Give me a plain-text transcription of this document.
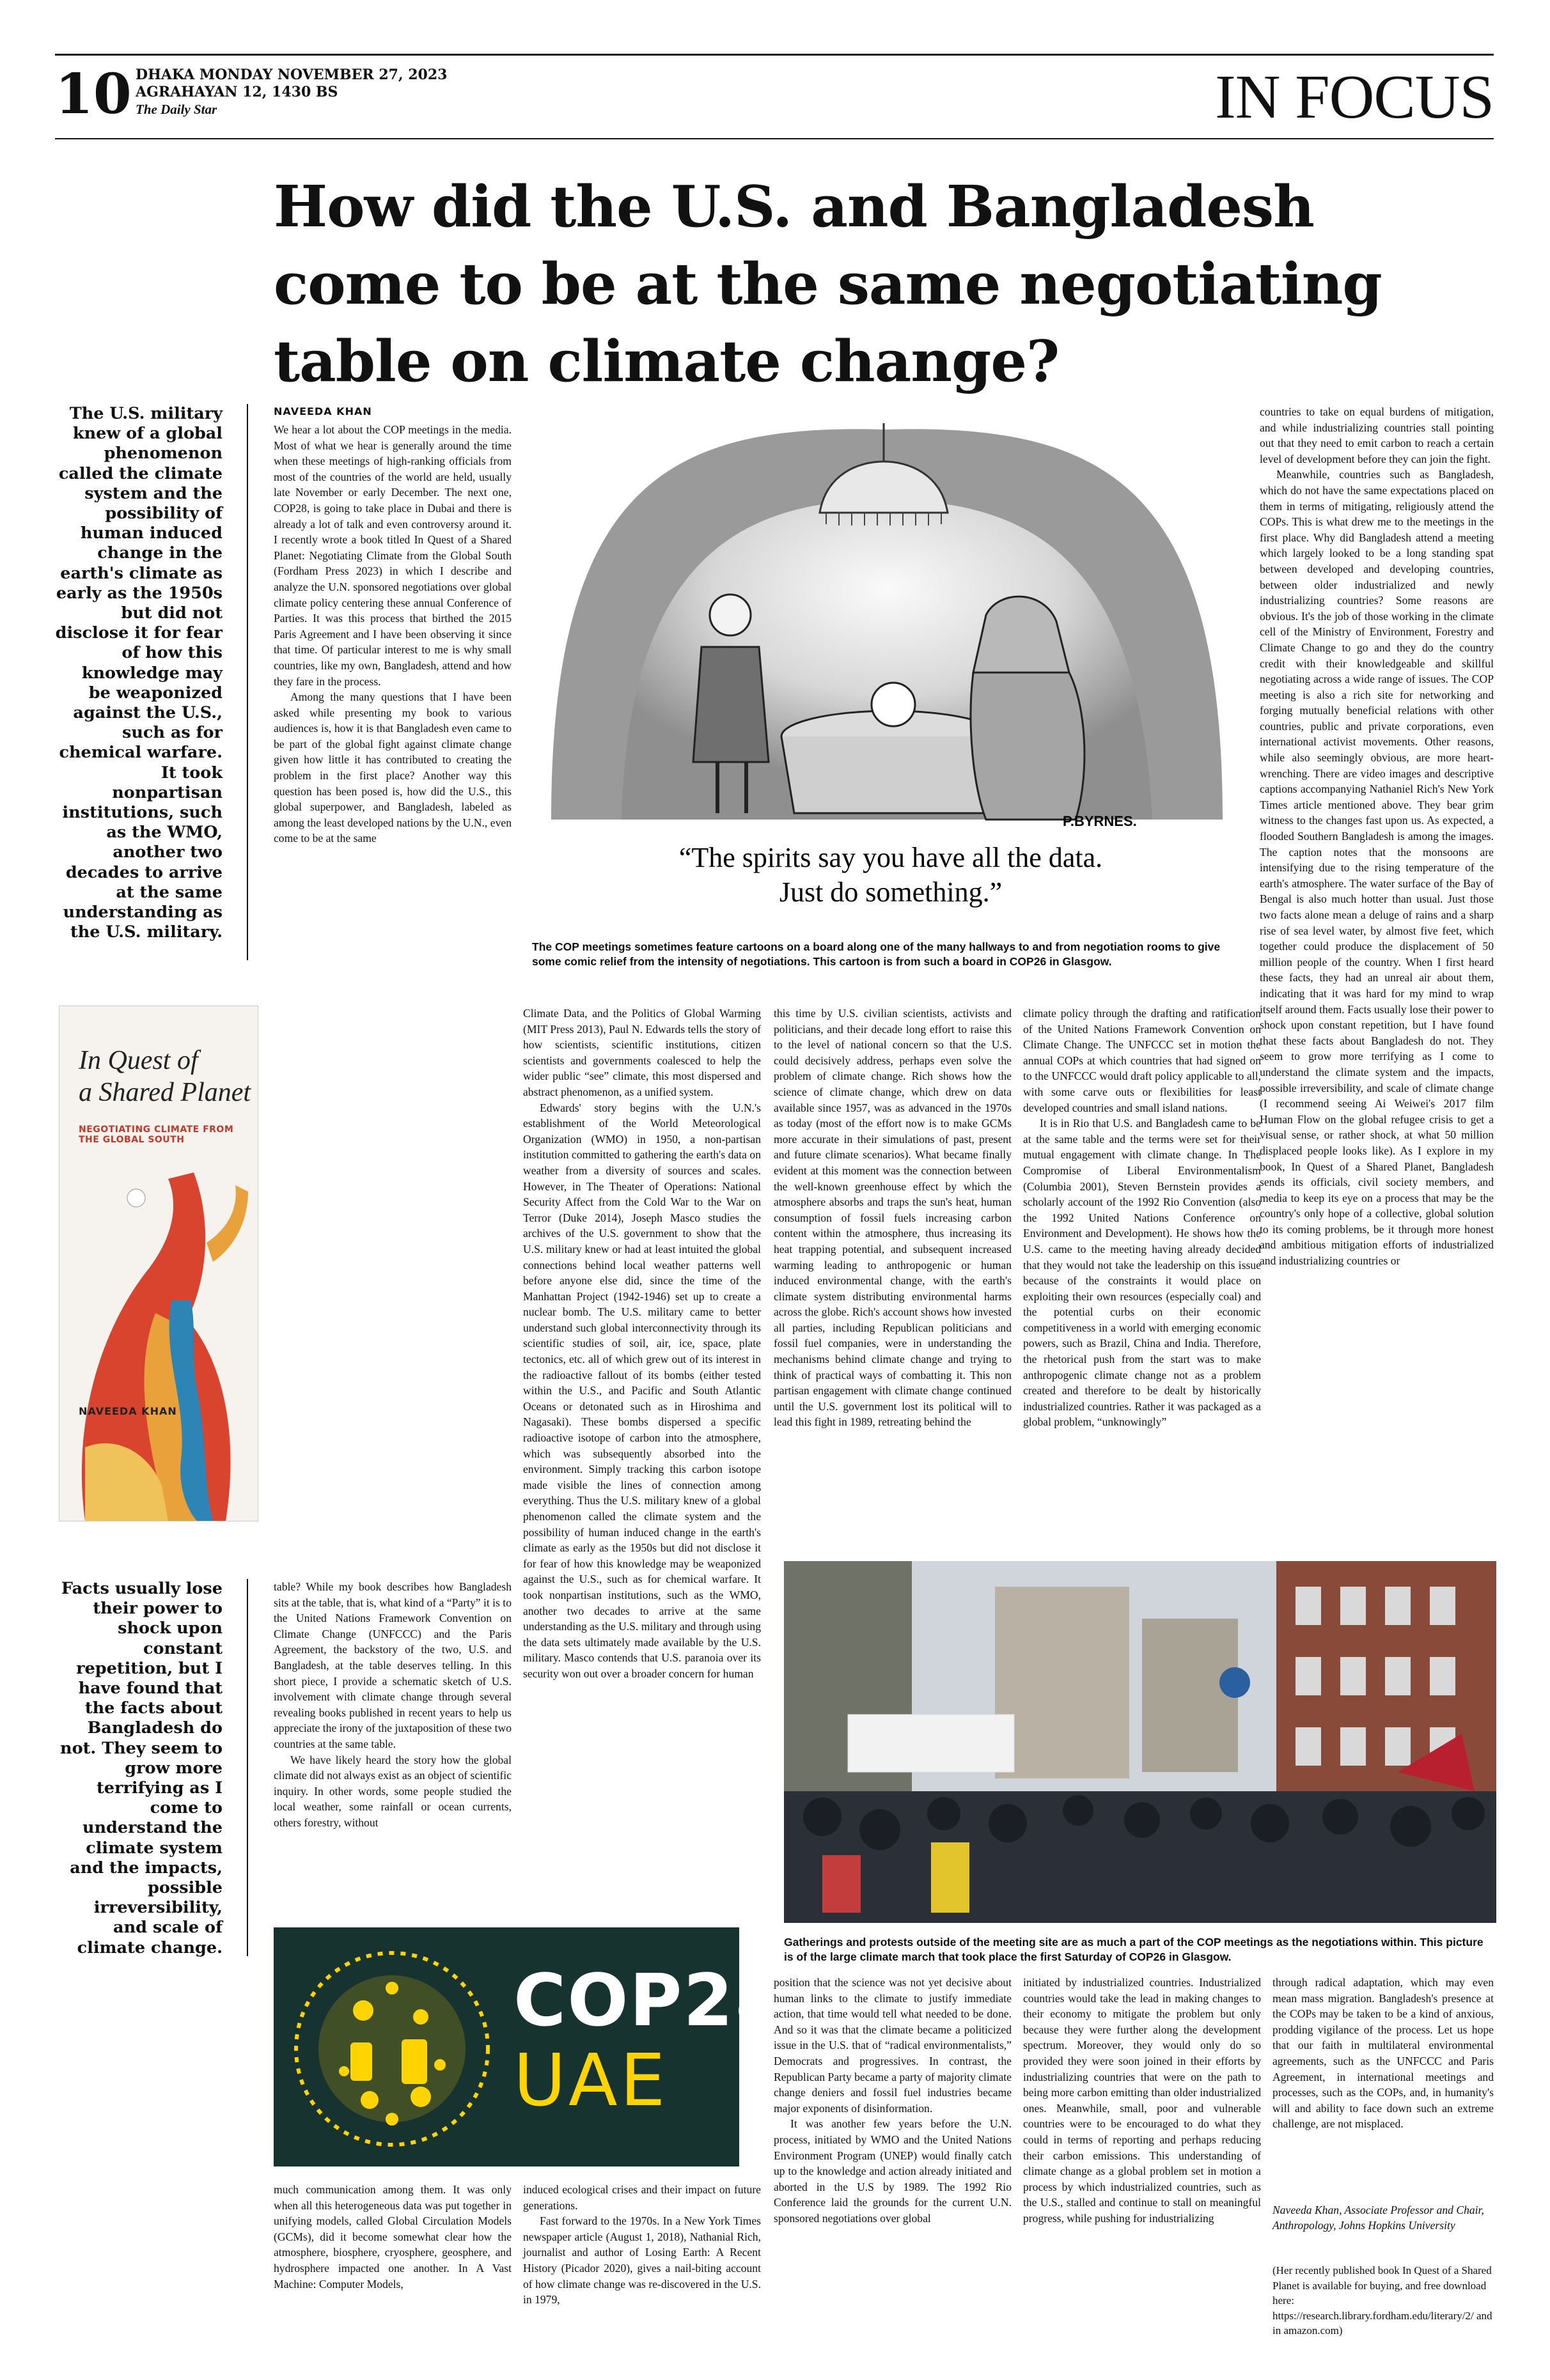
10 DHAKA MONDAY NOVEMBER 27, 2023
AGRAHAYAN 12, 1430 BS
The Daily Star	IN FOCUS
How did the U.S. and Bangladesh
come to be at the same negotiating
table on climate change?
The U.S. military knew of a global phenomenon called the climate system and the possibility of human induced change in the earth's climate as early as the 1950s but did not disclose it for fear of how this knowledge may be weaponized against the U.S., such as for chemical warfare. It took nonpartisan institutions, such as the WMO, another two decades to arrive at the same understanding as the U.S. military.
Facts usually lose their power to shock upon constant repetition, but I have found that the facts about Bangladesh do not. They seem to grow more terrifying as I come to understand the climate system and the impacts, possible irreversibility, and scale of climate change.
NAVEEDA KHAN

We hear a lot about the COP meetings in the media. Most of what we hear is generally around the time when these meetings of high-ranking officials from most of the countries of the world are held, usually late November or early December. The next one, COP28, is going to take place in Dubai and there is already a lot of talk and even controversy around it. I recently wrote a book titled In Quest of a Shared Planet: Negotiating Climate from the Global South (Fordham Press 2023) in which I describe and analyze the U.N. sponsored negotiations over global climate policy centering these annual Conference of Parties. It was this process that birthed the 2015 Paris Agreement and I have been observing it since that time. Of particular interest to me is why small countries, like my own, Bangladesh, attend and how they fare in the process.

Among the many questions that I have been asked while presenting my book to various audiences is, how it is that Bangladesh even came to be part of the global fight against climate change given how little it has contributed to creating the problem in the first place? Another way this question has been posed is, how did the U.S., this global superpower, and Bangladesh, labeled as among the least developed nations by the U.N., even come to be at the same

P.BYRNES.
“The spirits say you have all the data.
Just do something.”
The COP meetings sometimes feature cartoons on a board along one of the many hallways to and from negotiation rooms to give some comic relief from the intensity of negotiations. This cartoon is from such a board in COP26 in Glasgow.
In Quest of
a Shared Planet
NEGOTIATING CLIMATE FROM THE GLOBAL SOUTH
NAVEEDA KHAN

table? While my book describes how Bangladesh sits at the table, that is, what kind of a “Party” it is to the United Nations Framework Convention on Climate Change (UNFCCC) and the Paris Agreement, the backstory of the two, U.S. and Bangladesh, at the table deserves telling. In this short piece, I provide a schematic sketch of U.S. involvement with climate change through several revealing books published in recent years to help us appreciate the irony of the juxtaposition of these two countries at the same table.

We have likely heard the story how the global climate did not always exist as an object of scientific inquiry. In other words, some people studied the local weather, some rainfall or ocean currents, others forestry, without

COP28
UAE

much communication among them. It was only when all this heterogeneous data was put together in unifying models, called Global Circulation Models (GCMs), did it become somewhat clear how the atmosphere, biosphere, cryosphere, geosphere, and hydrosphere impacted one another. In A Vast Machine: Computer Models,

Climate Data, and the Politics of Global Warming (MIT Press 2013), Paul N. Edwards tells the story of how scientists, scientific institutions, citizen scientists and governments coalesced to help the wider public “see” climate, this most dispersed and abstract phenomenon, as a unified system.

Edwards' story begins with the U.N.'s establishment of the World Meteorological Organization (WMO) in 1950, a non-partisan institution committed to gathering the earth's data on weather from a diversity of sources and scales. However, in The Theater of Operations: National Security Affect from the Cold War to the War on Terror (Duke 2014), Joseph Masco studies the archives of the U.S. government to show that the U.S. military knew or had at least intuited the global connections behind local weather patterns well before anyone else did, since the time of the Manhattan Project (1942-1946) set up to create a nuclear bomb. The U.S. military came to better understand such global interconnectivity through its scientific studies of soil, air, ice, space, plate tectonics, etc. all of which grew out of its interest in the radioactive fallout of its bombs (either tested within the U.S., and Pacific and South Atlantic Oceans or detonated such as in Hiroshima and Nagasaki). These bombs dispersed a specific radioactive isotope of carbon into the atmosphere, which was subsequently absorbed into the environment. Simply tracking this carbon isotope made visible the lines of connection among everything. Thus the U.S. military knew of a global phenomenon called the climate system and the possibility of human induced change in the earth's climate as early as the 1950s but did not disclose it for fear of how this knowledge may be weaponized against the U.S., such as for chemical warfare. It took nonpartisan institutions, such as the WMO, another two decades to arrive at the same understanding as the U.S. military and through using the data sets ultimately made available by the U.S. military. Masco contends that U.S. paranoia over its security won out over a broader concern for human

induced ecological crises and their impact on future generations.

Fast forward to the 1970s. In a New York Times newspaper article (August 1, 2018), Nathanial Rich, journalist and author of Losing Earth: A Recent History (Picador 2020), gives a nail-biting account of how climate change was re-discovered in the U.S. in 1979,

this time by U.S. civilian scientists, activists and politicians, and their decade long effort to raise this to the level of national concern so that the U.S. could decisively address, perhaps even solve the problem of climate change. Rich shows how the science of climate change, which drew on data available since 1957, was as advanced in the 1970s as today (most of the effort now is to make GCMs more accurate in their simulations of past, present and future climate scenarios). What became finally evident at this moment was the connection between the well-known greenhouse effect by which the atmosphere absorbs and traps the sun's heat, human consumption of fossil fuels increasing carbon content within the atmosphere, thus increasing its heat trapping potential, and subsequent increased warming leading to anthropogenic or human induced environmental change, with the earth's climate system distributing environmental harms across the globe. Rich's account shows how invested all parties, including Republican politicians and fossil fuel companies, were in understanding the mechanisms behind climate change and trying to think of practical ways of combatting it. This non partisan engagement with climate change continued until the U.S. government lost its political will to lead this fight in 1989, retreating behind the

position that the science was not yet decisive about human links to the climate to justify immediate action, that time would tell what needed to be done. And so it was that the climate became a politicized issue in the U.S. that of “radical environmentalists,” Democrats and progressives. In contrast, the Republican Party became a party of majority climate change deniers and fossil fuel industries became major exponents of disinformation.

It was another few years before the U.N. process, initiated by WMO and the United Nations Environment Program (UNEP) would finally catch up to the knowledge and action already initiated and aborted in the U.S by 1989. The 1992 Rio Conference laid the grounds for the current U.N. sponsored negotiations over global

climate policy through the drafting and ratification of the United Nations Framework Convention on Climate Change. The UNFCCC set in motion the annual COPs at which countries that had signed on to the UNFCCC would draft policy applicable to all, with some carve outs or flexibilities for least developed countries and small island nations.

It is in Rio that U.S. and Bangladesh came to be at the same table and the terms were set for their mutual engagement with climate change. In The Compromise of Liberal Environmentalism (Columbia 2001), Steven Bernstein provides a scholarly account of the 1992 Rio Convention (also the 1992 United Nations Conference on Environment and Development). He shows how the U.S. came to the meeting having already decided that they would not take the leadership on this issue because of the constraints it would place on exploiting their own resources (especially coal) and the potential curbs on their economic competitiveness in a world with emerging economic powers, such as Brazil, China and India. Therefore, the rhetorical push from the start was to make anthropogenic climate change not as a problem created and therefore to be dealt by historically industrialized countries. Rather it was packaged as a global problem, “unknowingly”

initiated by industrialized countries. Industrialized countries would take the lead in making changes to their economy to mitigate the problem but only because they were further along the development spectrum. Moreover, they would only do so provided they were soon joined in their efforts by industrializing countries that were on the path to being more carbon emitting than older industrialized ones. Meanwhile, small, poor and vulnerable countries were to be encouraged to do what they could in terms of reporting and perhaps reducing their carbon emissions. This understanding of climate change as a global problem set in motion a process by which industrialized countries, such as the U.S., stalled and continue to stall on meaningful progress, while pushing for industrializing

countries to take on equal burdens of mitigation, and while industrializing countries stall pointing out that they need to emit carbon to reach a certain level of development before they can join the fight.

Meanwhile, countries such as Bangladesh, which do not have the same expectations placed on them in terms of mitigating, religiously attend the COPs. This is what drew me to the meetings in the first place. Why did Bangladesh attend a meeting which largely looked to be a long standing spat between developed and developing countries, between older industrialized and newly industrializing countries? Some reasons are obvious. It's the job of those working in the climate cell of the Ministry of Environment, Forestry and Climate Change to go and they do the country credit with their knowledgeable and skillful negotiating across a wide range of issues. The COP meeting is also a rich site for networking and forging mutually beneficial relations with other countries, public and private corporations, even international activist movements. Other reasons, while also seemingly obvious, are more heart-wrenching. There are video images and descriptive captions accompanying Nathaniel Rich's New York Times article mentioned above. They bear grim witness to the changes fast upon us. As expected, a flooded Southern Bangladesh is among the images. The caption notes that the monsoons are intensifying due to the rising temperature of the earth's atmosphere. The water surface of the Bay of Bengal is also much hotter than usual. Just those two facts alone mean a deluge of rains and a sharp rise of sea level water, by almost five feet, which together could produce the displacement of 50 million people of the country. When I first heard these facts, they had an unreal air about them, indicating that it was hard for my mind to wrap itself around them. Facts usually lose their power to shock upon constant repetition, but I have found that these facts about Bangladesh do not. They seem to grow more terrifying as I come to understand the climate system and the impacts, possible irreversibility, and scale of climate change (I recommend seeing Ai Weiwei's 2017 film Human Flow on the global refugee crisis to get a visual sense, or rather shock, at what 50 million displaced people looks like). As I explore in my book, In Quest of a Shared Planet, Bangladesh sends its officials, civil society members, and media to keep its eye on a process that may be the country's only hope of a collective, global solution to its coming problems, be it through more honest and ambitious mitigation efforts of industrialized and industrializing countries or

through radical adaptation, which may even mean mass migration. Bangladesh's presence at the COPs may be taken to be a kind of anxious, prodding vigilance of the process. Let us hope that our faith in multilateral environmental agreements, such as the UNFCCC and Paris Agreement, in international meetings and processes, such as the COPs, and, in humanity's will and ability to face down such an extreme challenge, are not misplaced.

Naveeda Khan, Associate Professor and Chair, Anthropology, Johns Hopkins University
(Her recently published book In Quest of a Shared Planet is available for buying, and free download here: https://research.library.fordham.edu/literary/2/ and in amazon.com)
Gatherings and protests outside of the meeting site are as much a part of the COP meetings as the negotiations within. This picture is of the large climate march that took place the first Saturday of COP26 in Glasgow.
